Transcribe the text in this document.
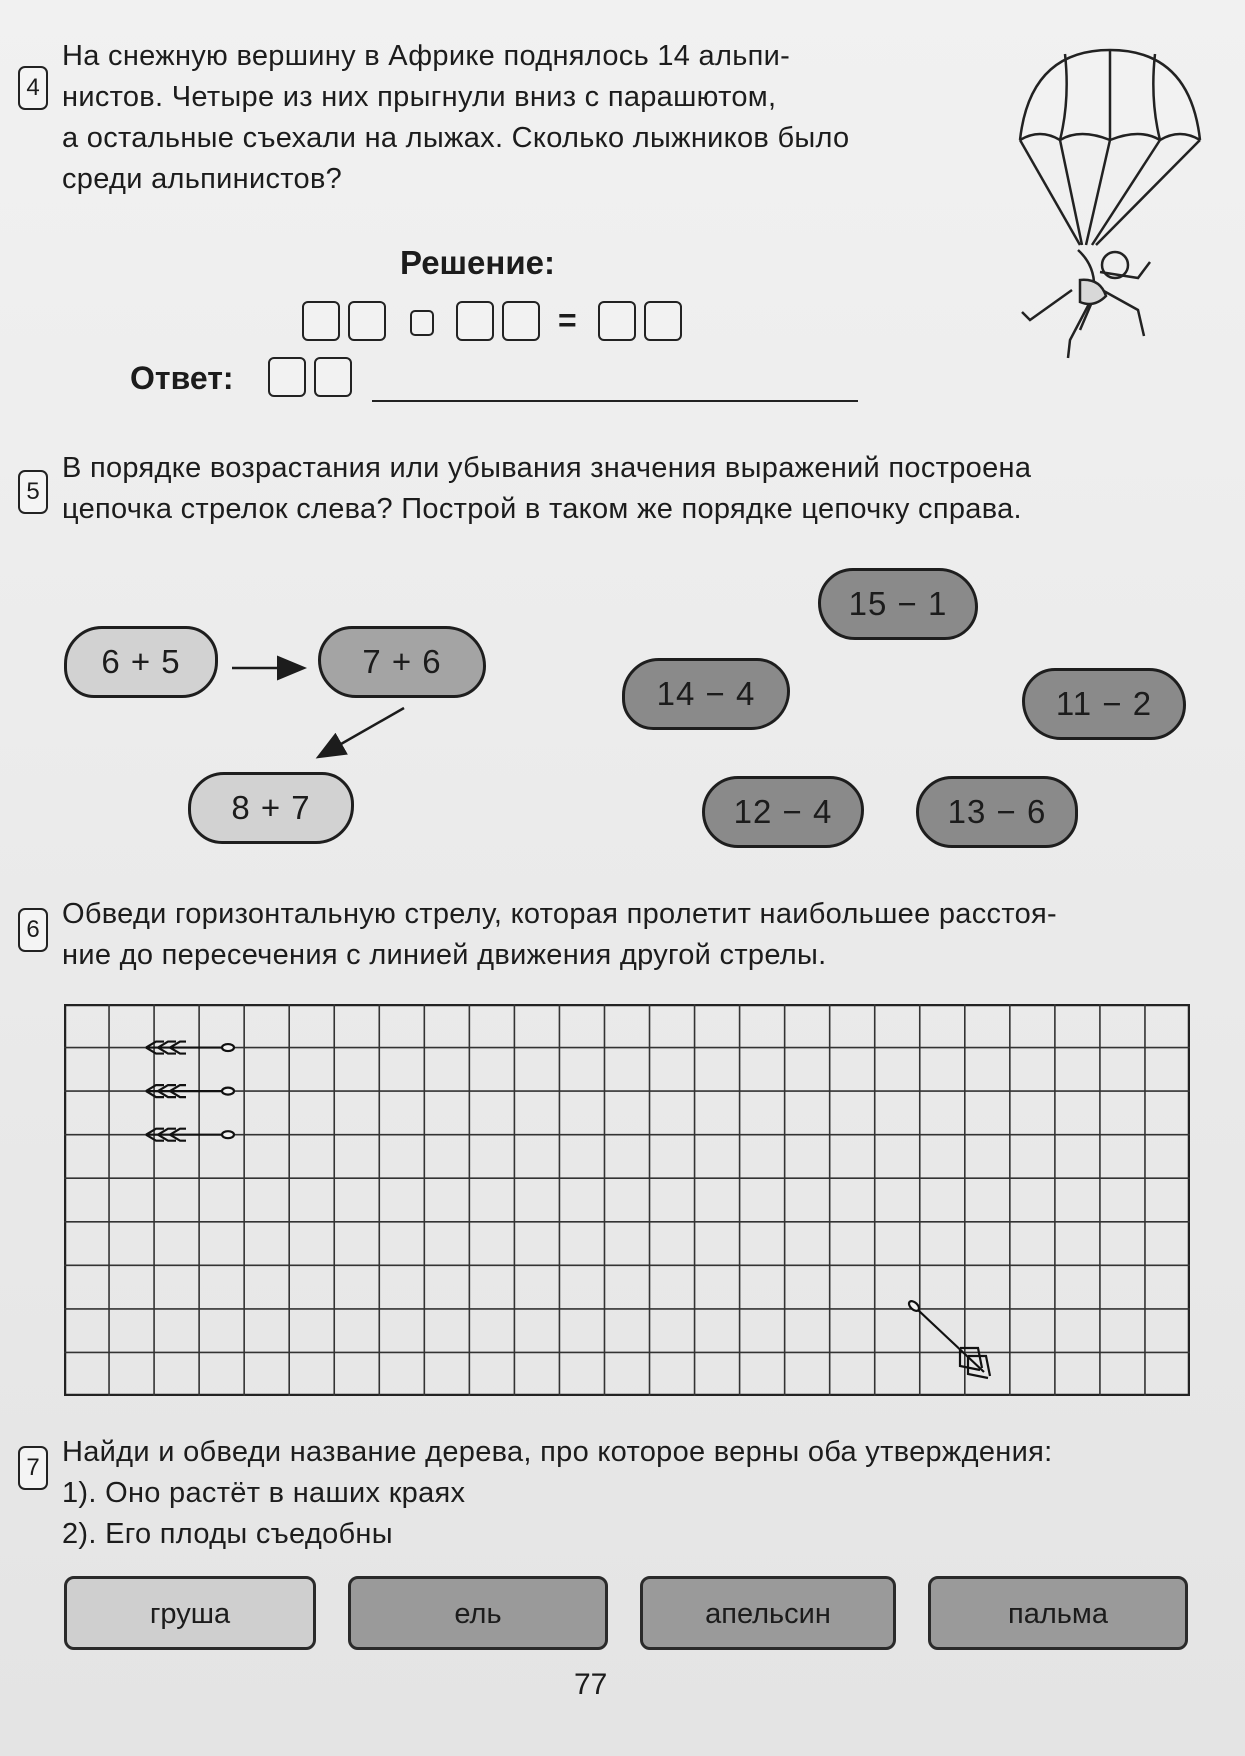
4
На снежную вершину в Африке поднялось 14 альпи-
нистов. Четыре из них прыгнули вниз с парашютом,
а остальные съехали на лыжах. Сколько лыжников было
среди альпинистов?
Решение:
=
Ответ:
5
В порядке возрастания или убывания значения выражений построена
цепочка стрелок слева? Построй в таком же порядке цепочку справа.
6 + 5	7 + 6
8 + 7
15 − 1
14 − 4	11 − 2
12 − 4	13 − 6
6 Обведи горизонтальную стрелу, которая пролетит наибольшее расстоя-
ние до пересечения с линией движения другой стрелы.
7 Найди и обведи название дерева, про которое верны оба утверждения:
1). Оно растёт в наших краях
2). Его плоды съедобны
груша	ель	апельсин	пальма
77
